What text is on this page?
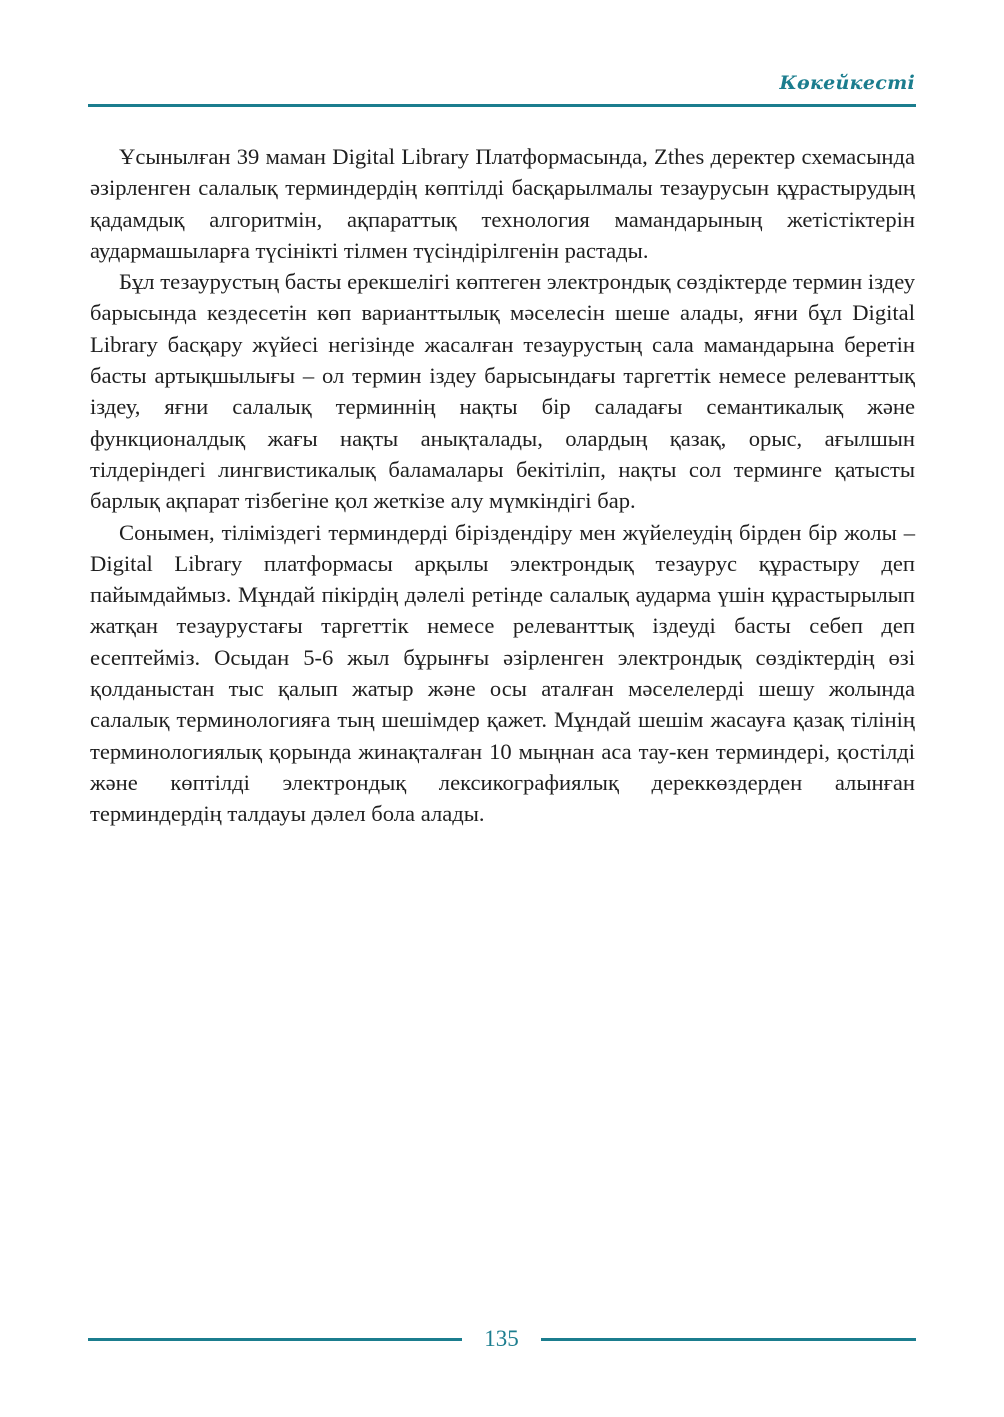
Көкейкесті

Ұсынылған 39 маман Digital Library Платформасында, Zthes деректер схемасында әзірленген салалық терминдердің көптілді басқарылмалы тезаурусын құрастырудың қадамдық алгоритмін, ақпараттық технология мамандарының жетістіктерін аудармашыларға түсінікті тілмен түсіндірілгенін растады.

Бұл тезаурустың басты ерекшелігі көптеген электрондық сөздіктерде термин іздеу барысында кездесетін көп варианттылық мәселесін шеше алады, яғни бұл Digital Library басқару жүйесі негізінде жасалған тезаурустың сала мамандарына беретін басты артықшылығы – ол термин іздеу барысындағы таргеттік немесе релеванттық іздеу, яғни салалық терминнің нақты бір саладағы семантикалық және функционалдық жағы нақты анықталады, олардың қазақ, орыс, ағылшын тілдеріндегі лингвистикалық баламалары бекітіліп, нақты сол терминге қатысты барлық ақпарат тізбегіне қол жеткізе алу мүмкіндігі бар.

Сонымен, тіліміздегі терминдерді біріздендіру мен жүйелеудің бірден бір жолы – Digital Library платформасы арқылы электрондық тезаурус құрастыру деп пайымдаймыз. Мұндай пікірдің дәлелі ретінде салалық аударма үшін құрастырылып жатқан тезаурустағы таргеттік немесе релеванттық іздеуді басты себеп деп есептейміз. Осыдан 5-6 жыл бұрынғы әзірленген электрондық сөздіктердің өзі қолданыстан тыс қалып жатыр және осы аталған мәселелерді шешу жолында салалық терминологияға тың шешімдер қажет. Мұндай шешім жасауға қазақ тілінің терминологиялық қорында жинақталған 10 мыңнан аса тау-кен терминдері, қостілді және көптілді электрондық лексикографиялық дереккөздерден алынған терминдердің талдауы дәлел бола алады.

135
